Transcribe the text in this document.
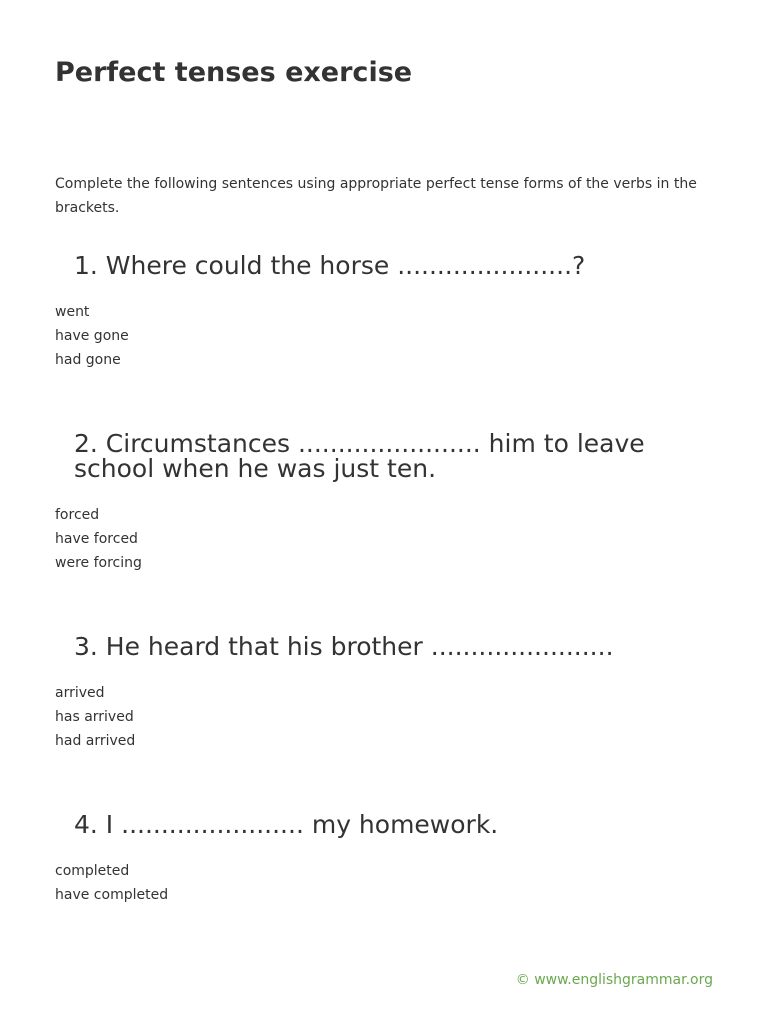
Perfect tenses exercise

Complete the following sentences using appropriate perfect tense forms of the verbs in the brackets.

1. Where could the horse ......................?
went
have gone
had gone
2. Circumstances ....................... him to leave school when he was just ten.
forced
have forced
were forcing
3. He heard that his brother .......................
arrived
has arrived
had arrived
4. I ....................... my homework.
completed
have completed
© www.englishgrammar.org
